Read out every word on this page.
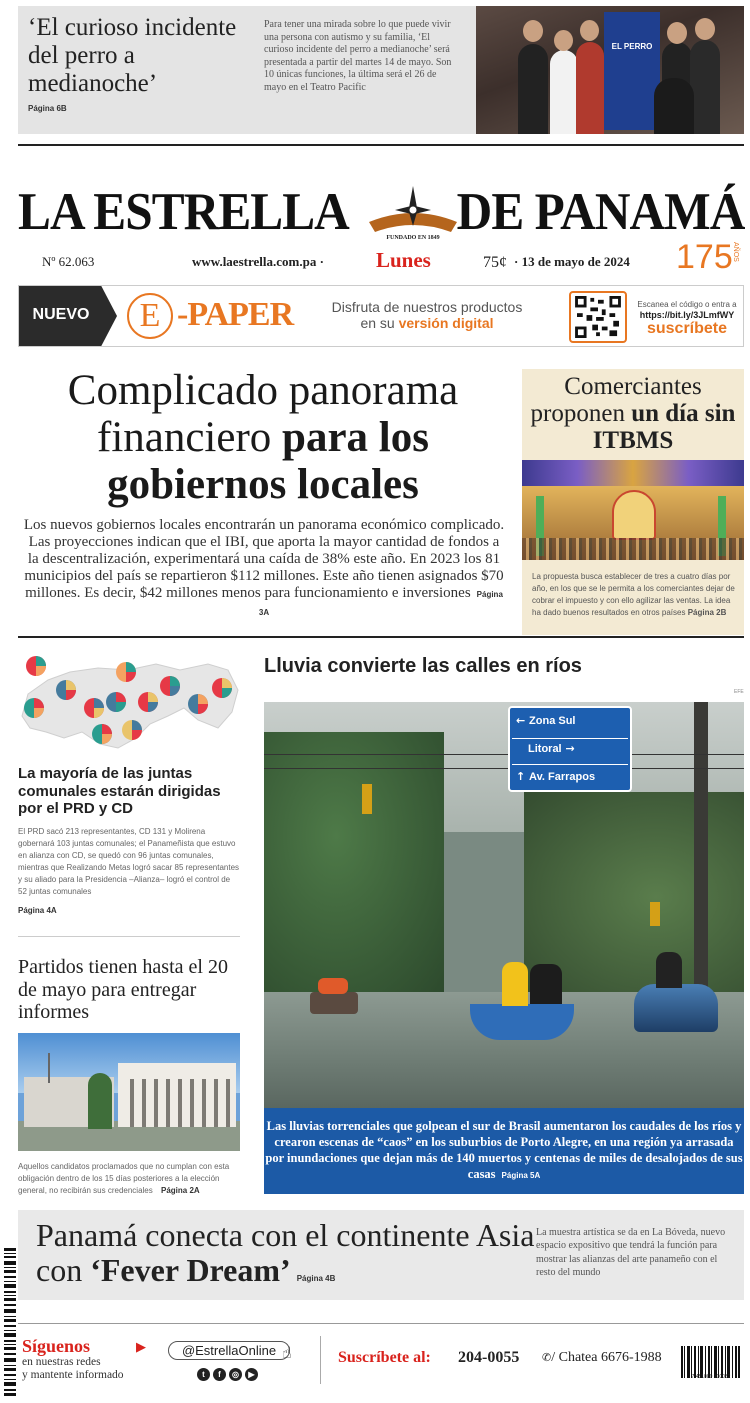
‘El curioso incidente del perro a medianoche’
Página 6B
Para tener una mirada sobre lo que puede vivir una persona con autismo y su familia, ‘El curioso incidente del perro a medianoche’ será presentada a partir del martes 14 de mayo. Son 10 únicas funciones, la última será el 26 de mayo en el Teatro Pacific
EL PERRO
LA ESTRELLA	FUNDADO EN 1849 DE PANAMÁ
Nº 62.063	www.laestrella.com.pa · Lunes	75¢ · 13 de mayo de 2024 175 AÑOS
NUEVO	E -PAPER	Disfruta de nuestros productos
en su versión digital
Escanea el código o entra a
https://bit.ly/3JLmfWY
suscríbete
Complicado panorama financiero para los gobiernos locales
Los nuevos gobiernos locales encontrarán un panorama económico complicado. Las proyecciones indican que el IBI, que aporta la mayor cantidad de fondos a la descentralización, experimentará una caída de 38% este año. En 2023 los 81 municipios del país se repartieron $112 millones. Este año tienen asignados $70 millones. Es decir, $42 millones menos para funcionamiento e inversiones Página 3A
Comerciantes proponen un día sin ITBMS
La propuesta busca establecer de tres a cuatro días por año, en los que se le permita a los comerciantes dejar de cobrar el impuesto y con ello agilizar las ventas. La idea ha dado buenos resultados en otros países Página 2B
La mayoría de las juntas comunales estarán dirigidas por el PRD y CD
El PRD sacó 213 representantes, CD 131 y Molirena gobernará 103 juntas comunales; el Panameñista que estuvo en alianza con CD, se quedó con 96 juntas comunales, mientras que Realizando Metas logró sacar 85 representantes y su aliado para la Presidencia –Alianza– logró el control de 52 juntas comunales
Página 4A
Partidos tienen hasta el 20 de mayo para entregar informes
Aquellos candidatos proclamados que no cumplan con esta obligación dentro de los 15 días posteriores a la elección general, no recibirán sus credenciales Página 2A
Lluvia convierte las calles en ríos
EFE
← Zona Sul
Litoral →
↑ Av. Farrapos
Las lluvias torrenciales que golpean el sur de Brasil aumentaron los caudales de los ríos y crearon escenas de “caos” en los suburbios de Porto Alegre, en una región ya arrasada por inundaciones que dejan más de 140 muertos y centenas de miles de desalojados de sus casas Página 5A
Panamá conecta con el continente Asia con ‘Fever Dream’ Página 4B
La muestra artística se da en La Bóveda, nuevo espacio expositivo que tendrá la función para mostrar las alianzas del arte panameño con el resto del mundo
Síguenos	▶
en nuestras redes
y mantente informado
@EstrellaOnline ☝
t f ◎ ▶
Suscríbete al: 204-0055 ✆/ Chatea 6676-1988
7 451089 100082
